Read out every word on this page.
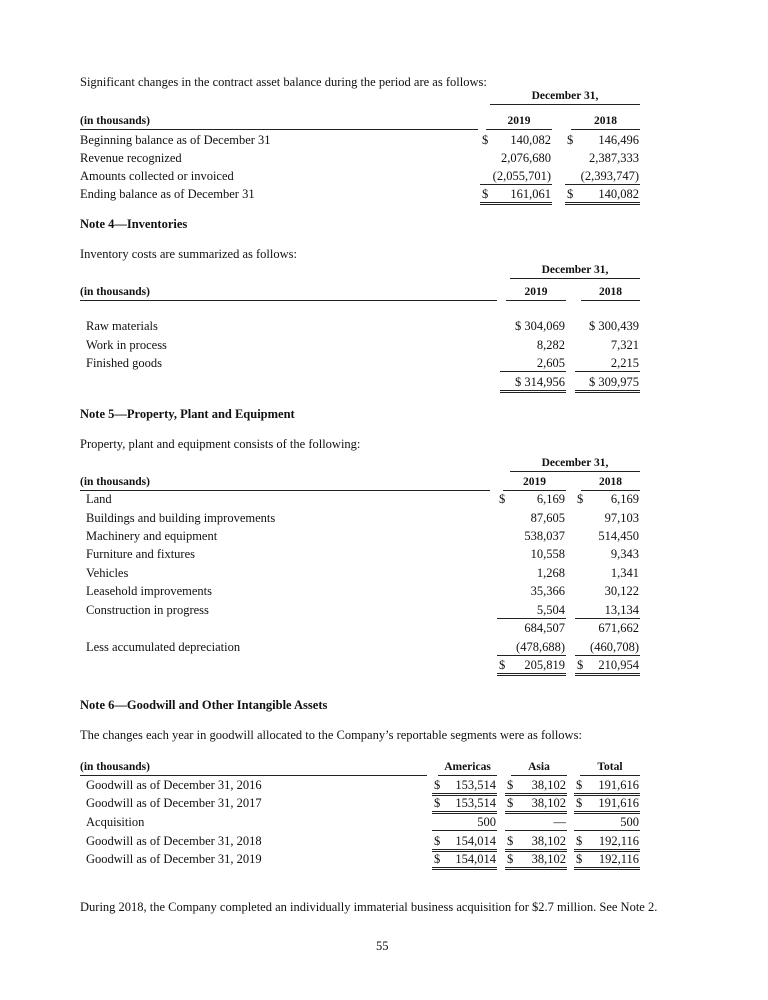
Significant changes in the contract asset balance during the period are as follows:
Note 4—Inventories
Inventory costs are summarized as follows:
Note 5—Property, Plant and Equipment
Property, plant and equipment consists of the following:
Note 6—Goodwill and Other Intangible Assets
The changes each year in goodwill allocated to the Company’s reportable segments were as follows:
During 2018, the Company completed an individually immaterial business acquisition for $2.7 million. See Note 2.
55
December 31,
(in thousands)	2019	2018
Beginning balance as of December 31	$ 140,082 $ 146,496
Revenue recognized	2,076,680	2,387,333
Amounts collected or invoiced	(2,055,701) (2,393,747)
Ending balance as of December 31	$ 161,061 $ 140,082
December 31,
(in thousands)	2019	2018
Raw materials	$ 304,069 $ 300,439
Work in process	8,282	7,321
Finished goods	2,605	2,215
$ 314,956 $ 309,975
December 31,
(in thousands)	2019	2018
Land	$	6,169 $ 6,169
Buildings and building improvements	87,605	97,103
Machinery and equipment	538,037	514,450
Furniture and fixtures	10,558	9,343
Vehicles	1,268	1,341
Leasehold improvements	35,366	30,122
Construction in progress	5,504	13,134
684,507	671,662
Less accumulated depreciation	(478,688) (460,708)
$ 205,819 $ 210,954
(in thousands)	Americas	Asia	Total
Goodwill as of December 31, 2016	$ 153,514 $ 38,102 $ 191,616
Goodwill as of December 31, 2017	$ 153,514 $ 38,102 $ 191,616
Acquisition	500	—	500
Goodwill as of December 31, 2018	$ 154,014 $ 38,102 $ 192,116
Goodwill as of December 31, 2019	$ 154,014 $ 38,102 $ 192,116
